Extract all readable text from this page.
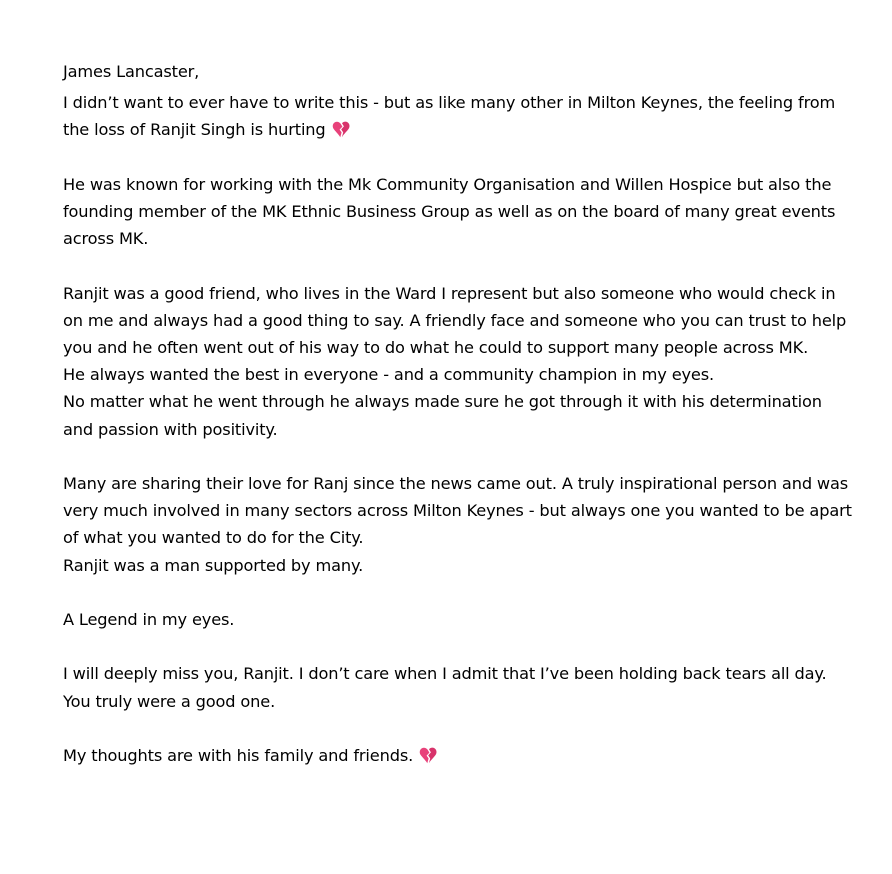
James Lancaster,

I didn’t want to ever have to write this - but as like many other in Milton Keynes, the feeling from the loss of Ranjit Singh is hurting

He was known for working with the Mk Community Organisation and Willen Hospice but also the founding member of the MK Ethnic Business Group as well as on the board of many great events across MK.

Ranjit was a good friend, who lives in the Ward I represent but also someone who would check in on me and always had a good thing to say. A friendly face and someone who you can trust to help you and he often went out of his way to do what he could to support many people across MK.
He always wanted the best in everyone - and a community champion in my eyes.
No matter what he went through he always made sure he got through it with his determination and passion with positivity.

Many are sharing their love for Ranj since the news came out. A truly inspirational person and was very much involved in many sectors across Milton Keynes - but always one you wanted to be apart of what you wanted to do for the City.
Ranjit was a man supported by many.

A Legend in my eyes.

I will deeply miss you, Ranjit. I don’t care when I admit that I’ve been holding back tears all day. You truly were a good one.

My thoughts are with his family and friends.
